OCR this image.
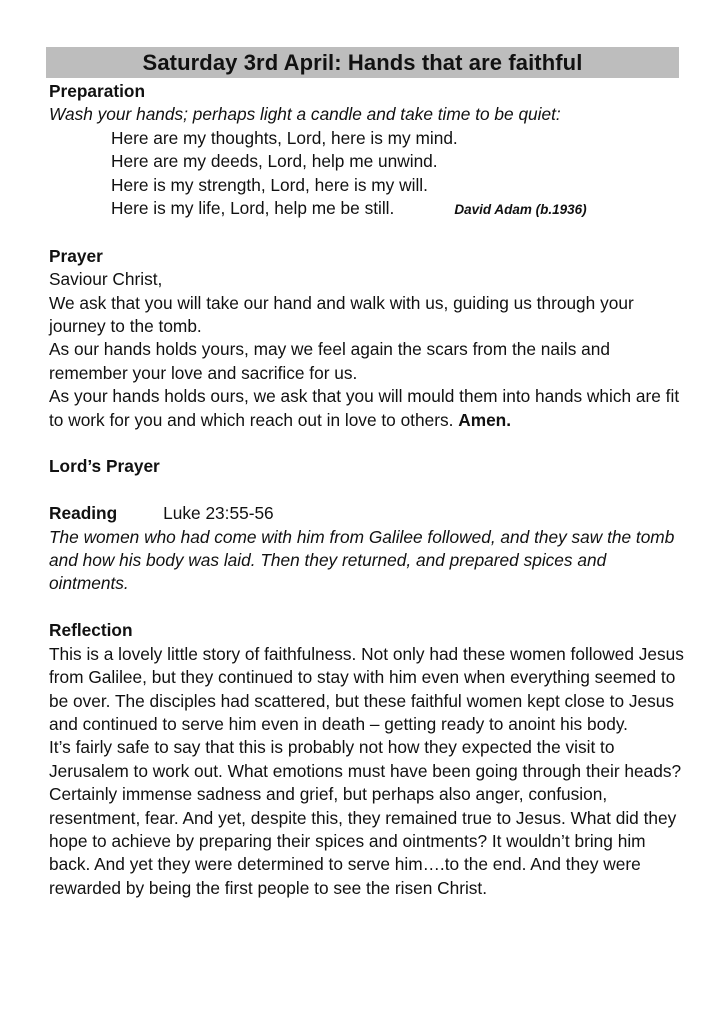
Saturday 3rd April: Hands that are faithful

Preparation

Wash your hands; perhaps light a candle and take time to be quiet:

Here are my thoughts, Lord, here is my mind.
Here are my deeds, Lord, help me unwind.
Here is my strength, Lord, here is my will.
Here is my life, Lord, help me be still.	David Adam (b.1936)

Prayer

Saviour Christ,

We ask that you will take our hand and walk with us, guiding us through your journey to the tomb.

As our hands holds yours, may we feel again the scars from the nails and remember your love and sacrifice for us.

As your hands holds ours, we ask that you will mould them into hands which are fit to work for you and which reach out in love to others. Amen.

Lord’s Prayer

Reading	Luke 23:55-56

The women who had come with him from Galilee followed, and they saw the tomb and how his body was laid. Then they returned, and prepared spices and ointments.

Reflection

This is a lovely little story of faithfulness. Not only had these women followed Jesus from Galilee, but they continued to stay with him even when everything seemed to be over. The disciples had scattered, but these faithful women kept close to Jesus and continued to serve him even in death – getting ready to anoint his body.

It’s fairly safe to say that this is probably not how they expected the visit to Jerusalem to work out. What emotions must have been going through their heads? Certainly immense sadness and grief, but perhaps also anger, confusion, resentment, fear. And yet, despite this, they remained true to Jesus. What did they hope to achieve by preparing their spices and ointments? It wouldn’t bring him back. And yet they were determined to serve him….to the end. And they were rewarded by being the first people to see the risen Christ.
